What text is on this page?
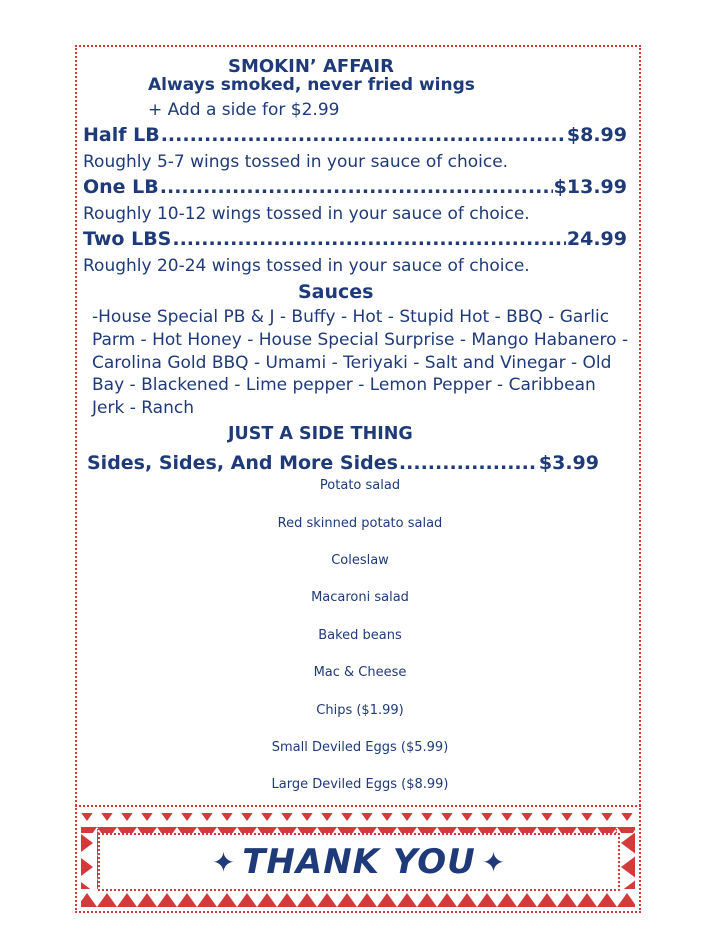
SMOKIN’ AFFAIR
Always smoked, never fried wings
+ Add a side for $2.99
Half LB .....	$8.99
Roughly 5-7 wings tossed in your sauce of choice.
One LB .....	$13.99
Roughly 10-12 wings tossed in your sauce of choice.
Two LBS .....	24.99
Roughly 20-24 wings tossed in your sauce of choice.
Sauces
-House Special PB & J - Buffy - Hot - Stupid Hot - BBQ - Garlic Parm - Hot Honey - House Special Surprise - Mango Habanero - Carolina Gold BBQ - Umami - Teriyaki - Salt and Vinegar - Old Bay - Blackened - Lime pepper - Lemon Pepper - Caribbean Jerk - Ranch
JUST A SIDE THING
Sides, Sides, And More Sides .....	$3.99
Potato salad
Red skinned potato salad
Coleslaw
Macaroni salad
Baked beans
Mac & Cheese
Chips ($1.99)
Small Deviled Eggs ($5.99)
Large Deviled Eggs ($8.99)
✦ THANK YOU ✦
